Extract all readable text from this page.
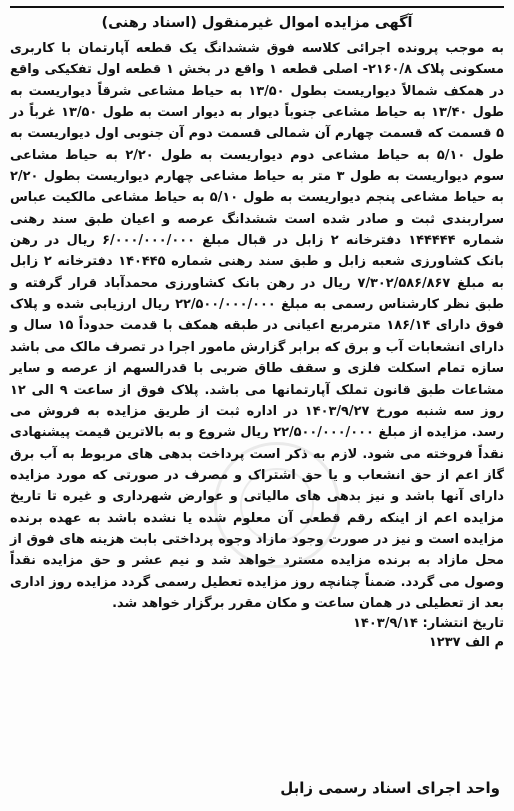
آگهی مزایده اموال غیرمنقول (اسناد رهنی)

به موجب پرونده اجرائی کلاسه فوق ششدانگ یک قطعه آپارتمان با کاربری مسکونی پلاک ۲۱۶۰/۸- اصلی قطعه ۱ واقع در بخش ۱ قطعه اول تفکیکی واقع در همکف شمالاً دیواریست بطول ۱۳/۵۰ به حیاط مشاعی شرقاً دیواریست به طول ۱۳/۴۰ به حیاط مشاعی جنوباً دیوار به دیوار است به طول ۱۳/۵۰ غرباً در ۵ قسمت که قسمت چهارم آن شمالی قسمت دوم آن جنوبی اول دیواریست به طول ۵/۱۰ به حیاط مشاعی دوم دیواریست به طول ۲/۲۰ به حیاط مشاعی سوم دیواریست به طول ۳ متر به حیاط مشاعی چهارم دیواریست بطول ۲/۲۰ به حیاط مشاعی پنجم دیواریست به طول ۵/۱۰ به حیاط مشاعی مالکیت عباس سراربندی ثبت و صادر شده است ششدانگ عرصه و اعیان طبق سند رهنی شماره ۱۴۴۴۴۴ دفترخانه ۲ زابل در قبال مبلغ ۶/۰۰۰/۰۰۰/۰۰۰ ریال در رهن بانک کشاورزی شعبه زابل و طبق سند رهنی شماره ۱۴۰۴۴۵ دفترخانه ۲ زابل به مبلغ ۷/۳۰۲/۵۸۶/۸۶۷ ریال در رهن بانک کشاورزی محمدآباد قرار گرفته و طبق نظر کارشناس رسمی به مبلغ ۲۲/۵۰۰/۰۰۰/۰۰۰ ریال ارزیابی شده و پلاک فوق دارای ۱۸۶/۱۴ مترمربع اعیانی در طبقه همکف با قدمت حدوداً ۱۵ سال و دارای انشعابات آب و برق که برابر گزارش مامور اجرا در تصرف مالک می باشد سازه تمام اسکلت فلزی و سقف طاق ضربی با قدرالسهم از عرصه و سایر مشاعات طبق قانون تملک آپارتمانها می باشد. پلاک فوق از ساعت ۹ الی ۱۲ روز سه شنبه مورخ ۱۴۰۳/۹/۲۷ در اداره ثبت از طریق مزایده به فروش می رسد. مزایده از مبلغ ۲۲/۵۰۰/۰۰۰/۰۰۰ ریال شروع و به بالاترین قیمت پیشنهادی نقداً فروخته می شود. لازم به ذکر است پرداخت بدهی های مربوط به آب برق گاز اعم از حق انشعاب و یا حق اشتراک و مصرف در صورتی که مورد مزایده دارای آنها باشد و نیز بدهی های مالیاتی و عوارض شهرداری و غیره تا تاریخ مزایده اعم از اینکه رقم قطعی آن معلوم شده یا نشده باشد به عهده برنده مزایده است و نیز در صورت وجود مازاد وجوه پرداختی بابت هزینه های فوق از محل مازاد به برنده مزایده مسترد خواهد شد و نیم عشر و حق مزایده نقداً وصول می گردد. ضمناً چنانچه روز مزایده تعطیل رسمی گردد مزایده روز اداری بعد از تعطیلی در همان ساعت و مکان مقرر برگزار خواهد شد.

تاریخ انتشار: ۱۴۰۳/۹/۱۴
م الف ۱۲۳۷
واحد اجرای اسناد رسمی زابل
